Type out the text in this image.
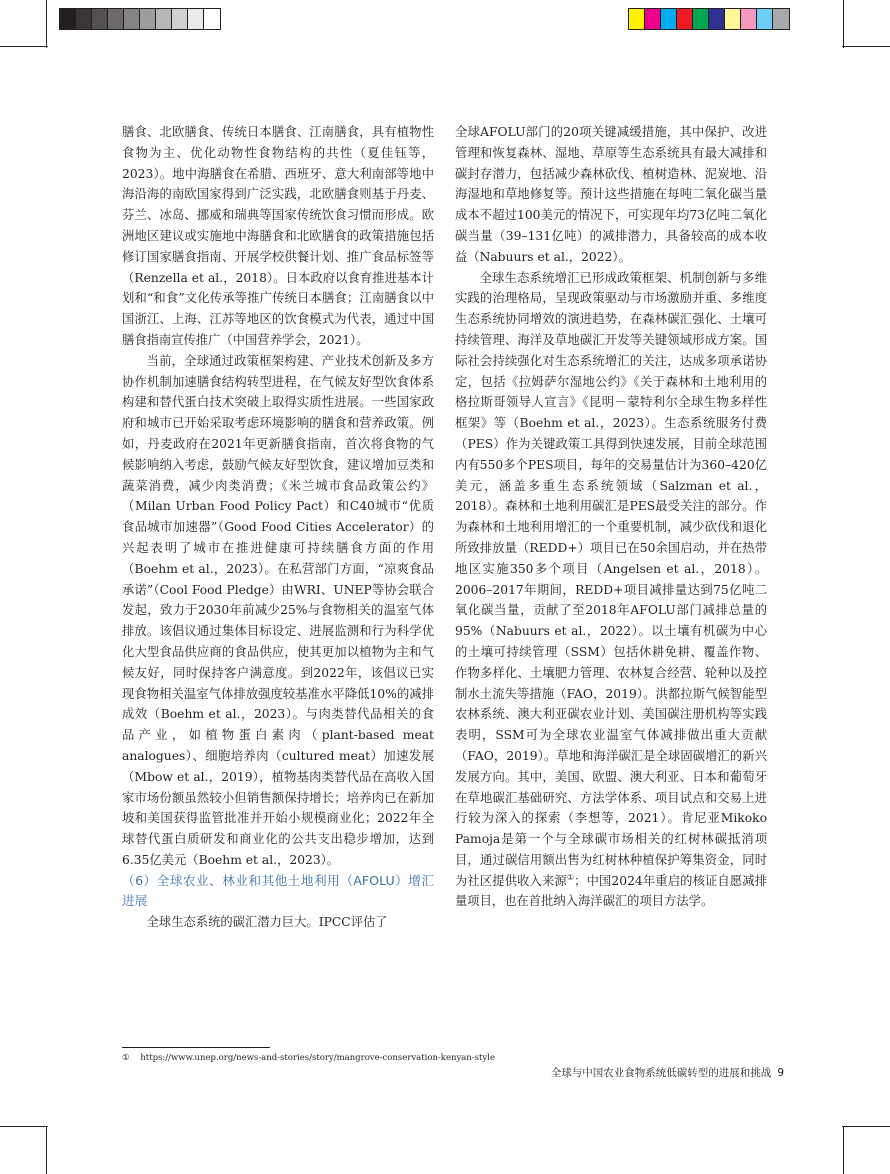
膳食、北欧膳食、传统日本膳食、江南膳食，具有植物性食物为主、优化动物性食物结构的共性（夏佳钰等，2023）。地中海膳食在希腊、西班牙、意大利南部等地中海沿海的南欧国家得到广泛实践，北欧膳食则基于丹麦、芬兰、冰岛、挪威和瑞典等国家传统饮食习惯而形成。欧洲地区建议或实施地中海膳食和北欧膳食的政策措施包括修订国家膳食指南、开展学校供餐计划、推广食品标签等（Renzella et al.，2018）。日本政府以食育推进基本计划和“和食”文化传承等推广传统日本膳食；江南膳食以中国浙江、上海、江苏等地区的饮食模式为代表，通过中国膳食指南宣传推广（中国营养学会，2021）。

当前，全球通过政策框架构建、产业技术创新及多方协作机制加速膳食结构转型进程，在气候友好型饮食体系构建和替代蛋白技术突破上取得实质性进展。一些国家政府和城市已开始采取考虑环境影响的膳食和营养政策。例如，丹麦政府在2021年更新膳食指南，首次将食物的气候影响纳入考虑，鼓励气候友好型饮食，建议增加豆类和蔬菜消费，减少肉类消费；《米兰城市食品政策公约》（Milan Urban Food Policy Pact）和C40城市“优质食品城市加速器”（Good Food Cities Accelerator）的兴起表明了城市在推进健康可持续膳食方面的作用（Boehm et al.，2023）。在私营部门方面，“凉爽食品承诺”（Cool Food Pledge）由WRI、UNEP等协会联合发起，致力于2030年前减少25%与食物相关的温室气体排放。该倡议通过集体目标设定、进展监测和行为科学优化大型食品供应商的食品供应，使其更加以植物为主和气候友好，同时保持客户满意度。到2022年，该倡议已实现食物相关温室气体排放强度较基准水平降低10%的减排成效（Boehm et al.，2023）。与肉类替代品相关的食品产业，如植物蛋白素肉（plant-based meat analogues）、细胞培养肉（cultured meat）加速发展（Mbow et al.，2019），植物基肉类替代品在高收入国家市场份额虽然较小但销售额保持增长；培养肉已在新加坡和美国获得监管批准并开始小规模商业化；2022年全球替代蛋白质研发和商业化的公共支出稳步增加，达到6.35亿美元（Boehm et al.，2023）。

（6）全球农业、林业和其他土地利用（AFOLU）增汇进展

全球生态系统的碳汇潜力巨大。IPCC评估了

全球AFOLU部门的20项关键减缓措施，其中保护、改进管理和恢复森林、湿地、草原等生态系统具有最大减排和碳封存潜力，包括减少森林砍伐、植树造林、泥炭地、沿海湿地和草地修复等。预计这些措施在每吨二氧化碳当量成本不超过100美元的情况下，可实现年均73亿吨二氧化碳当量（39–131亿吨）的减排潜力，具备较高的成本收益（Nabuurs et al.，2022）。

全球生态系统增汇已形成政策框架、机制创新与多维实践的治理格局，呈现政策驱动与市场激励并重、多维度生态系统协同增效的演进趋势，在森林碳汇强化、土壤可持续管理、海洋及草地碳汇开发等关键领域形成方案。国际社会持续强化对生态系统增汇的关注，达成多项承诺协定，包括《拉姆萨尔湿地公约》《关于森林和土地利用的格拉斯哥领导人宣言》《昆明－蒙特利尔全球生物多样性框架》等（Boehm et al.，2023）。生态系统服务付费（PES）作为关键政策工具得到快速发展，目前全球范围内有550多个PES项目，每年的交易量估计为360–420亿美元，涵盖多重生态系统领域（Salzman et al.，2018）。森林和土地利用碳汇是PES最受关注的部分。作为森林和土地利用增汇的一个重要机制，减少砍伐和退化所致排放量（REDD+）项目已在50余国启动，并在热带地区实施350多个项目（Angelsen et al.，2018）。2006–2017年期间，REDD+项目减排量达到75亿吨二氧化碳当量，贡献了至2018年AFOLU部门减排总量的95%（Nabuurs et al.，2022）。以土壤有机碳为中心的土壤可持续管理（SSM）包括休耕免耕、覆盖作物、作物多样化、土壤肥力管理、农林复合经营、轮种以及控制水土流失等措施（FAO，2019）。洪都拉斯气候智能型农林系统、澳大利亚碳农业计划、美国碳注册机构等实践表明，SSM可为全球农业温室气体减排做出重大贡献（FAO，2019）。草地和海洋碳汇是全球固碳增汇的新兴发展方向。其中，美国、欧盟、澳大利亚、日本和葡萄牙在草地碳汇基础研究、方法学体系、项目试点和交易上进行较为深入的探索（李想等，2021）。肯尼亚Mikoko Pamoja是第一个与全球碳市场相关的红树林碳抵消项目，通过碳信用额出售为红树林种植保护筹集资金，同时为社区提供收入来源①；中国2024年重启的核证自愿减排量项目，也在首批纳入海洋碳汇的项目方法学。

① https://www.unep.org/news-and-stories/story/mangrove-conservation-kenyan-style
全球与中国农业食物系统低碳转型的进展和挑战 9
